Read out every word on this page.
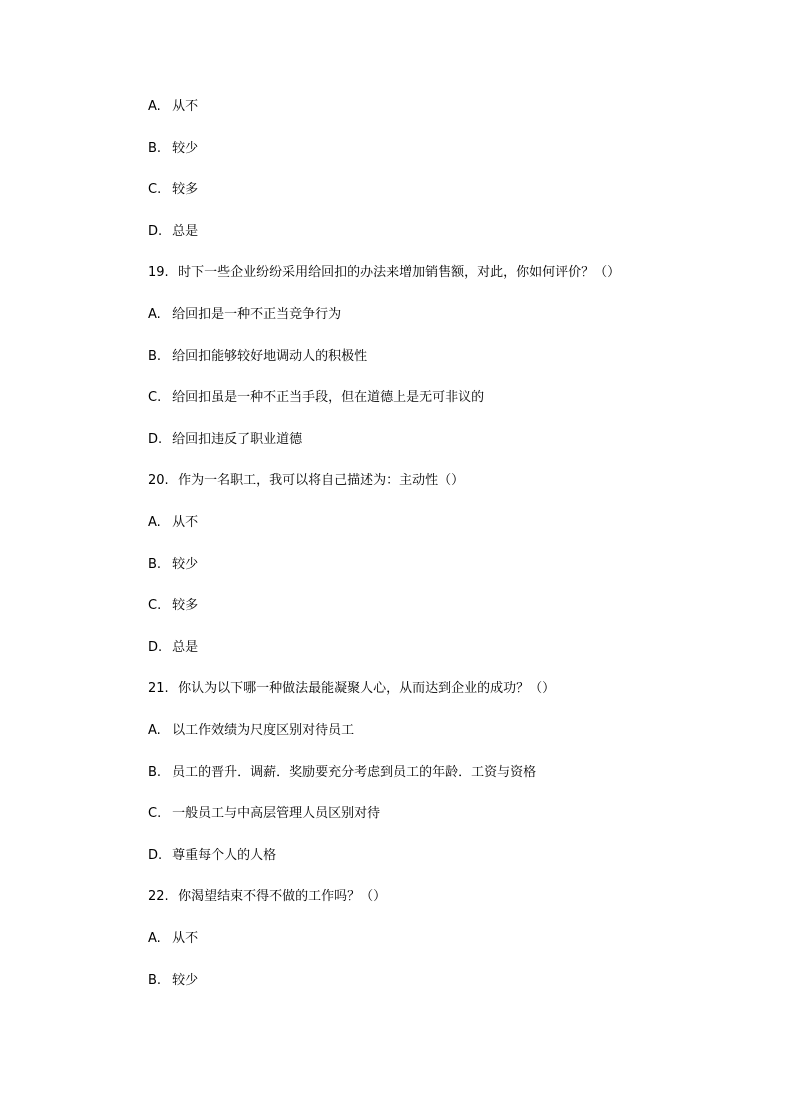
A. 从不
B. 较少
C. 较多
D. 总是
19. 时下一些企业纷纷采用给回扣的办法来增加销售额，对此，你如何评价？（）
A. 给回扣是一种不正当竞争行为
B. 给回扣能够较好地调动人的积极性
C. 给回扣虽是一种不正当手段，但在道德上是无可非议的
D. 给回扣违反了职业道德
20. 作为一名职工，我可以将自己描述为：主动性（）
A. 从不
B. 较少
C. 较多
D. 总是
21. 你认为以下哪一种做法最能凝聚人心，从而达到企业的成功？（）
A. 以工作效绩为尺度区别对待员工
B. 员工的晋升．调薪．奖励要充分考虑到员工的年龄．工资与资格
C. 一般员工与中高层管理人员区别对待
D. 尊重每个人的人格
22. 你渴望结束不得不做的工作吗？（）
A. 从不
B. 较少
